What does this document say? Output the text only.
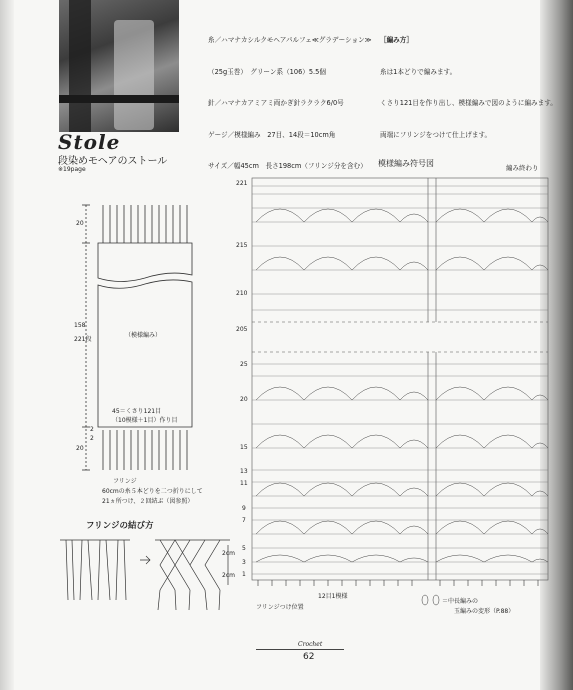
Stole
段染めモヘアのストール
※19page

糸／ハマナカシルクモヘアパルフェ≪グラデーション≫

（25g玉巻）　グリーン系（106）5.5個

針／ハマナカアミアミ両かぎ針ラクラク6/0号

ゲージ／模様編み　27目、14段＝10cm角

サイズ／幅45cm　長さ198cm（フリンジ分を含む）

［編み方］

糸は1本どりで編みます。

くさり121目を作り出し、模様編みで図のように編みます。

両端にフリンジをつけて仕上げます。

20
158
221段
2
2
20
（模様編み）
45＝くさり121目
（10模様＋1目）作り目
フリンジ
60cmの糸５本どりを二つ折りにして
21ヵ所つけ、２回結ぶ（図参照）
フリンジの結び方
2cm
2cm
模様編み符号図	編み終わり
221
215
210
205
25
20
15
13
11
9
7
5
3
1
12目1模様
フリンジつけ位置
＝中長編みの
玉編みの変形（P.88）
Crochet
62
